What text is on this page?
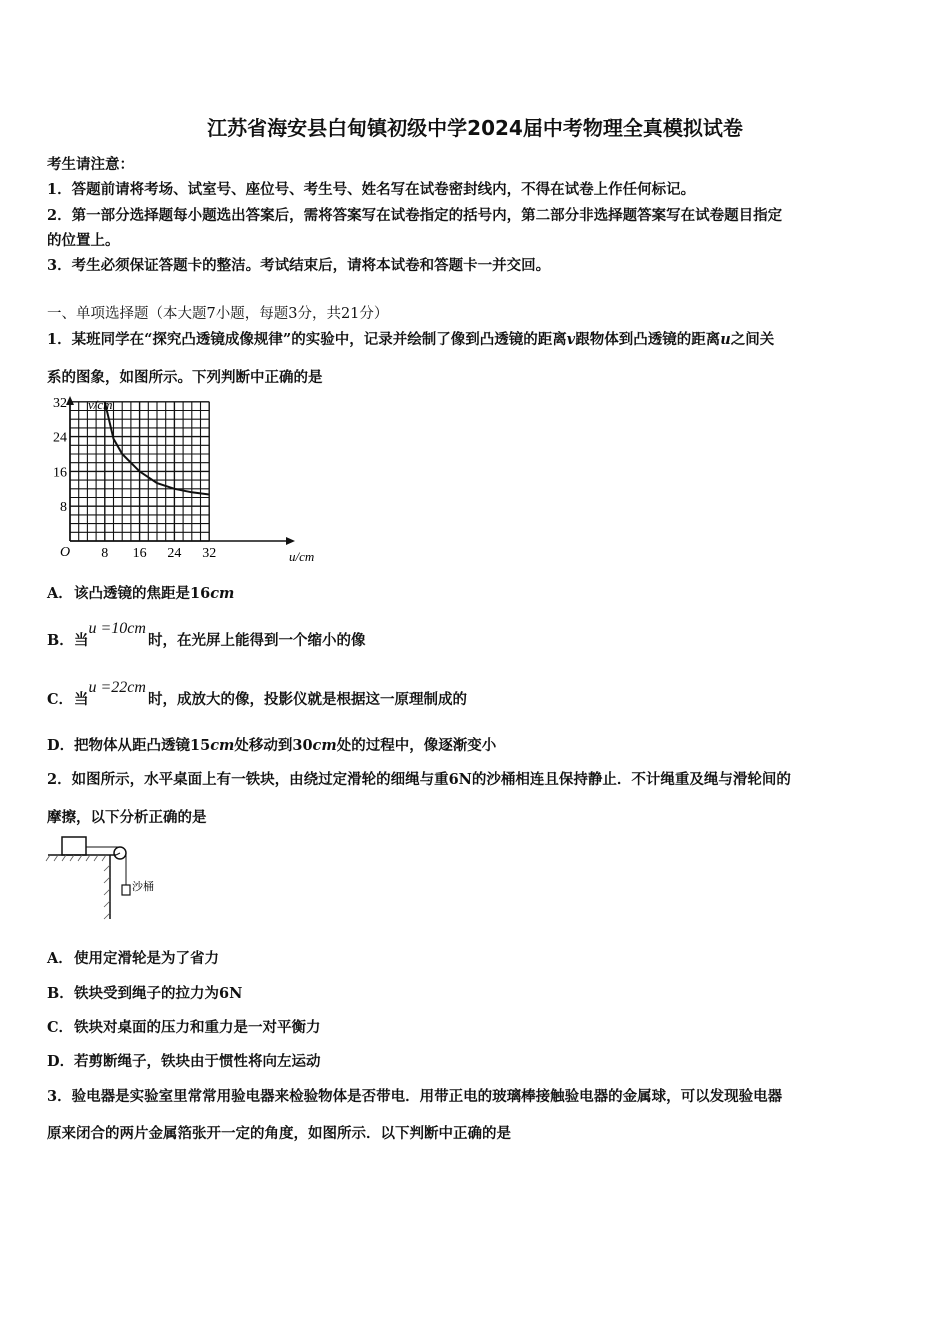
江苏省海安县白甸镇初级中学2024届中考物理全真模拟试卷
考生请注意：
1．答题前请将考场、试室号、座位号、考生号、姓名写在试卷密封线内，不得在试卷上作任何标记。
2．第一部分选择题每小题选出答案后，需将答案写在试卷指定的括号内，第二部分非选择题答案写在试卷题目指定
的位置上。
3．考生必须保证答题卡的整洁。考试结束后，请将本试卷和答题卡一并交回。
一、单项选择题（本大题7小题，每题3分，共21分）
1．某班同学在“探究凸透镜成像规律”的实验中，记录并绘制了像到凸透镜的距离v跟物体到凸透镜的距离u之间关
系的图象，如图所示。下列判断中正确的是
8 16 24 32
8
16
24
32 v/cm
u/cm
O
A．该凸透镜的焦距是16cm
B．当u =10cm时，在光屏上能得到一个缩小的像
C．当u =22cm时，成放大的像，投影仪就是根据这一原理制成的
D．把物体从距凸透镜15cm处移动到30cm处的过程中，像逐渐变小
2．如图所示，水平桌面上有一铁块，由绕过定滑轮的细绳与重6N的沙桶相连且保持静止．不计绳重及绳与滑轮间的
摩擦，以下分析正确的是
沙桶
A．使用定滑轮是为了省力
B．铁块受到绳子的拉力为6N
C．铁块对桌面的压力和重力是一对平衡力
D．若剪断绳子，铁块由于惯性将向左运动
3．验电器是实验室里常常用验电器来检验物体是否带电．用带正电的玻璃棒接触验电器的金属球，可以发现验电器
原来闭合的两片金属箔张开一定的角度，如图所示．以下判断中正确的是
